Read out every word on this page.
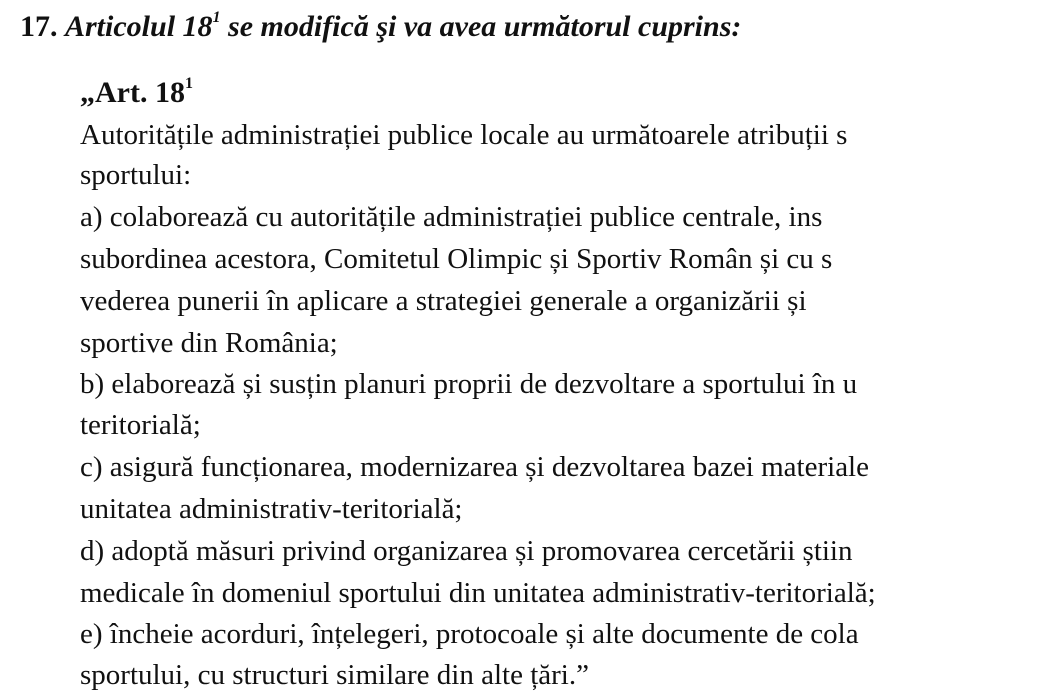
17. Articolul $18^1$ se modifică şi va avea următorul cuprins:
„Art. $18^1$
Autoritățile administrației publice locale au următoarele atribuții s
sportului:
a) colaborează cu autoritățile administrației publice centrale, ins
subordinea acestora, Comitetul Olimpic și Sportiv Român și cu s
vederea punerii în aplicare a strategiei generale a organizării și
sportive din România;
b) elaborează și susțin planuri proprii de dezvoltare a sportului în u
teritorială;
c) asigură funcționarea, modernizarea și dezvoltarea bazei materiale
unitatea administrativ-teritorială;
d) adoptă măsuri privind organizarea și promovarea cercetării știin
medicale în domeniul sportului din unitatea administrativ-teritorială;
e) încheie acorduri, înțelegeri, protocoale și alte documente de cola
sportului, cu structuri similare din alte țări.”
